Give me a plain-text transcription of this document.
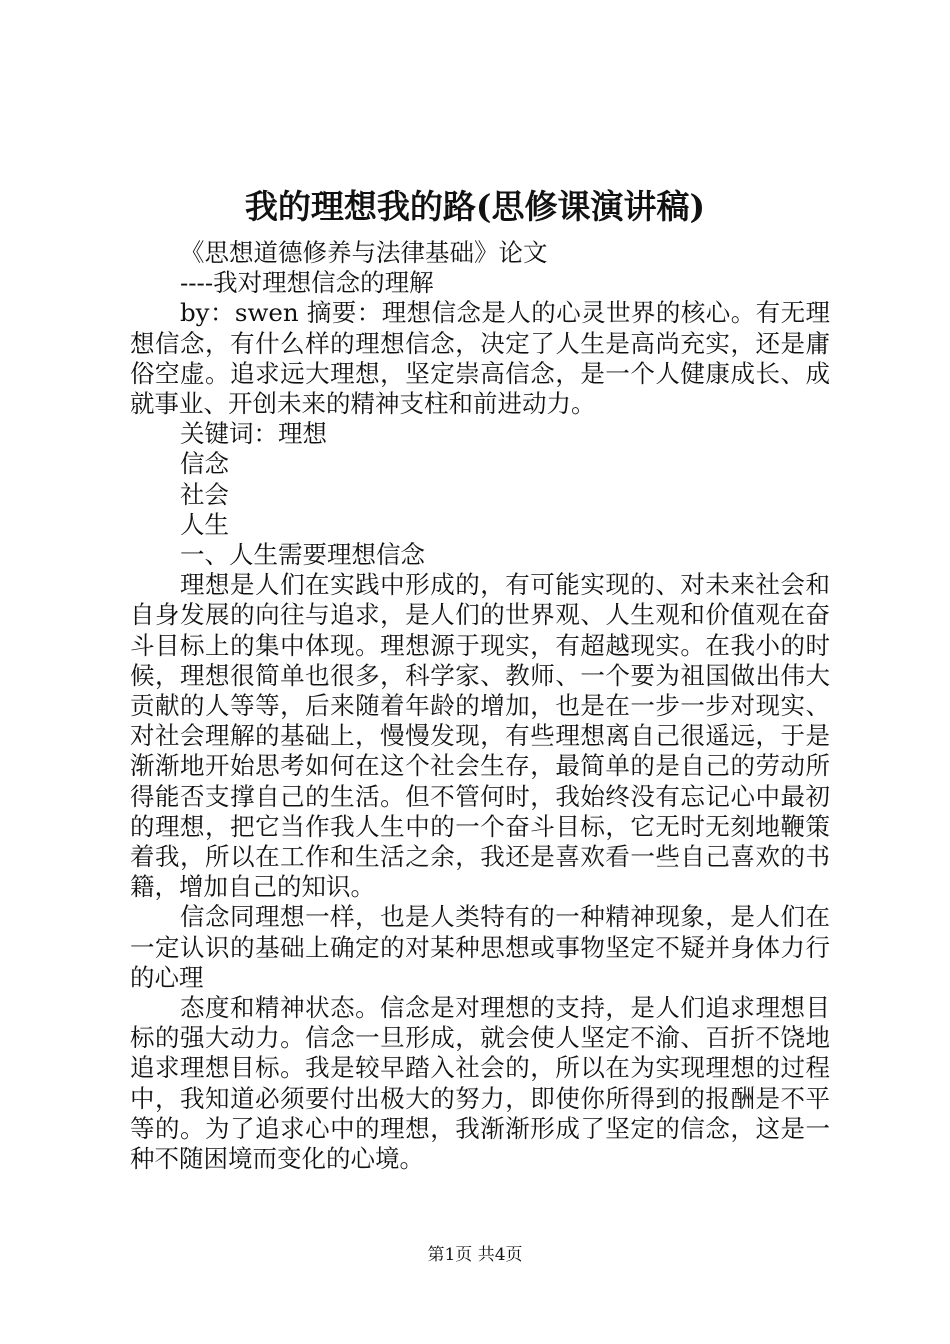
我的理想我的路(思修课演讲稿)

《思想道德修养与法律基础》论文

----我对理想信念的理解

by：swen 摘要：理想信念是人的心灵世界的核心。有无理想信念，有什么样的理想信念，决定了人生是高尚充实，还是庸俗空虚。追求远大理想，坚定崇高信念，是一个人健康成长、成就事业、开创未来的精神支柱和前进动力。

关键词：理想

信念

社会

人生

一、人生需要理想信念

理想是人们在实践中形成的，有可能实现的、对未来社会和自身发展的向往与追求，是人们的世界观、人生观和价值观在奋斗目标上的集中体现。理想源于现实，有超越现实。在我小的时候，理想很简单也很多，科学家、教师、一个要为祖国做出伟大贡献的人等等，后来随着年龄的增加，也是在一步一步对现实、对社会理解的基础上，慢慢发现，有些理想离自己很遥远，于是渐渐地开始思考如何在这个社会生存，最简单的是自己的劳动所得能否支撑自己的生活。但不管何时，我始终没有忘记心中最初的理想，把它当作我人生中的一个奋斗目标，它无时无刻地鞭策着我，所以在工作和生活之余，我还是喜欢看一些自己喜欢的书籍，增加自己的知识。

信念同理想一样，也是人类特有的一种精神现象，是人们在一定认识的基础上确定的对某种思想或事物坚定不疑并身体力行的心理

态度和精神状态。信念是对理想的支持，是人们追求理想目标的强大动力。信念一旦形成，就会使人坚定不渝、百折不饶地追求理想目标。我是较早踏入社会的，所以在为实现理想的过程中，我知道必须要付出极大的努力，即使你所得到的报酬是不平等的。为了追求心中的理想，我渐渐形成了坚定的信念，这是一种不随困境而变化的心境。

第1页 共4页
